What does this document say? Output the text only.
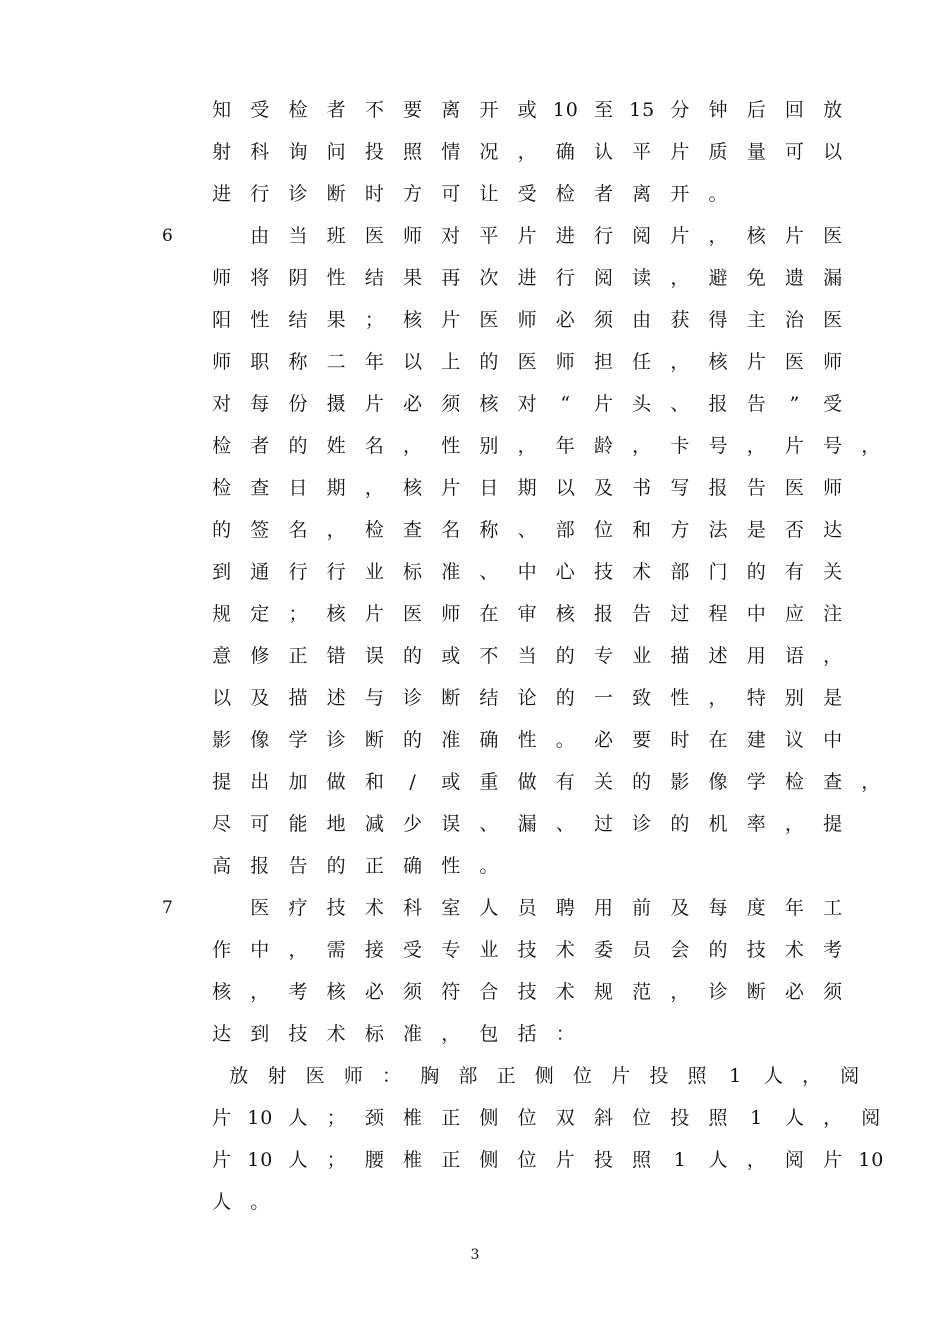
知 受 检 者 不 要 离 开 或 10 至 15 分 钟 后 回 放
射 科 询 问 投 照 情 况 ， 确 认 平 片 质 量 可 以
进 行 诊 断 时 方 可 让 受 检 者 离 开 。
6	由 当 班 医 师 对 平 片 进 行 阅 片 ， 核 片 医
师 将 阴 性 结 果 再 次 进 行 阅 读 ， 避 免 遗 漏
阳 性 结 果 ； 核 片 医 师 必 须 由 获 得 主 治 医
师 职 称 二 年 以 上 的 医 师 担 任 ， 核 片 医 师
对 每 份 摄 片 必 须 核 对 “ 片 头 、 报 告 ” 受
检 者 的 姓 名 ， 性 别 ， 年 龄 ， 卡 号 ， 片 号 ，
检 查 日 期 ， 核 片 日 期 以 及 书 写 报 告 医 师
的 签 名 ， 检 查 名 称 、 部 位 和 方 法 是 否 达
到 通 行 行 业 标 准 、 中 心 技 术 部 门 的 有 关
规 定 ； 核 片 医 师 在 审 核 报 告 过 程 中 应 注
意 修 正 错 误 的 或 不 当 的 专 业 描 述 用 语 ，
以 及 描 述 与 诊 断 结 论 的 一 致 性 ， 特 别 是
影 像 学 诊 断 的 准 确 性 。 必 要 时 在 建 议 中
提 出 加 做 和 / 或 重 做 有 关 的 影 像 学 检 查 ，
尽 可 能 地 减 少 误 、 漏 、 过 诊 的 机 率 ， 提
高 报 告 的 正 确 性 。
7	医 疗 技 术 科 室 人 员 聘 用 前 及 每 度 年 工
作 中 ， 需 接 受 专 业 技 术 委 员 会 的 技 术 考
核 ， 考 核 必 须 符 合 技 术 规 范 ， 诊 断 必 须
达 到 技 术 标 准 ， 包 括 ：
放 射 医 师 ： 胸 部 正 侧 位 片 投 照 1 人 ， 阅
片 10 人 ； 颈 椎 正 侧 位 双 斜 位 投 照 1 人 ， 阅
片 10 人 ； 腰 椎 正 侧 位 片 投 照 1 人 ， 阅 片 10
人 。
3
